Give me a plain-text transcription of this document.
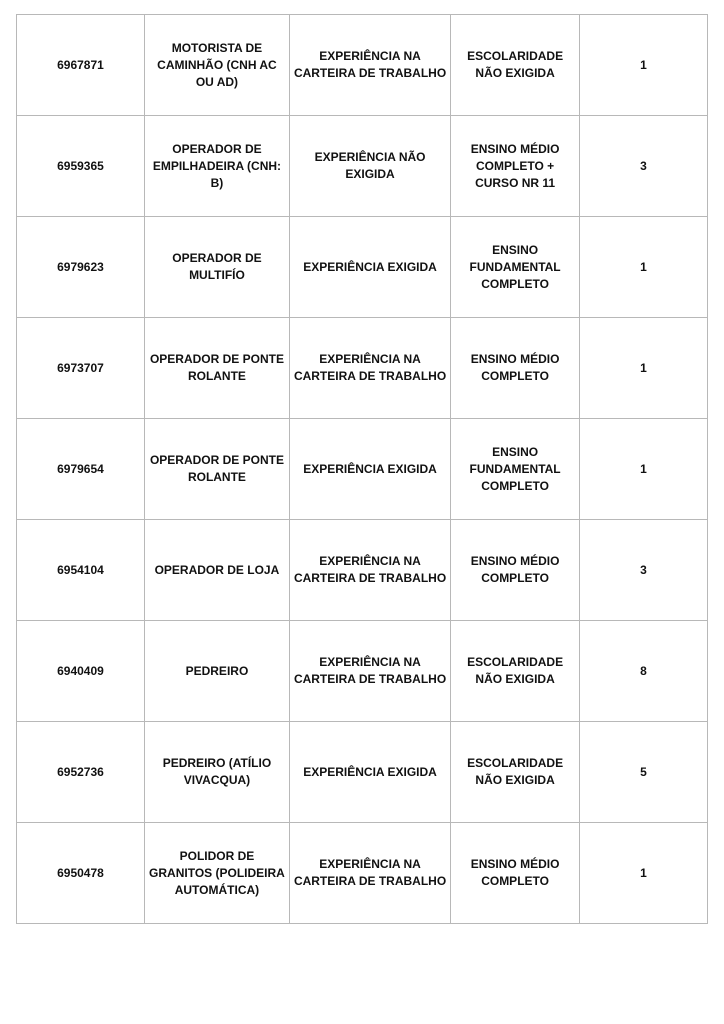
6967871	MOTORISTA DE CAMINHÃO (CNH AC OU AD)	EXPERIÊNCIA NA CARTEIRA DE TRABALHO	ESCOLARIDADE NÃO EXIGIDA	1
6959365	OPERADOR DE EMPILHADEIRA (CNH: B)	EXPERIÊNCIA NÃO EXIGIDA	ENSINO MÉDIO COMPLETO + CURSO NR 11	3
6979623	OPERADOR DE MULTIFÍO	EXPERIÊNCIA EXIGIDA	ENSINO FUNDAMENTAL COMPLETO	1
6973707	OPERADOR DE PONTE ROLANTE	EXPERIÊNCIA NA CARTEIRA DE TRABALHO	ENSINO MÉDIO COMPLETO	1
6979654	OPERADOR DE PONTE ROLANTE	EXPERIÊNCIA EXIGIDA	ENSINO FUNDAMENTAL COMPLETO	1
6954104	OPERADOR DE LOJA	EXPERIÊNCIA NA CARTEIRA DE TRABALHO	ENSINO MÉDIO COMPLETO	3
6940409	PEDREIRO	EXPERIÊNCIA NA CARTEIRA DE TRABALHO	ESCOLARIDADE NÃO EXIGIDA	8
6952736	PEDREIRO (ATÍLIO VIVACQUA)	EXPERIÊNCIA EXIGIDA	ESCOLARIDADE NÃO EXIGIDA	5
6950478	POLIDOR DE GRANITOS (POLIDEIRA AUTOMÁTICA)	EXPERIÊNCIA NA CARTEIRA DE TRABALHO	ENSINO MÉDIO COMPLETO	1
